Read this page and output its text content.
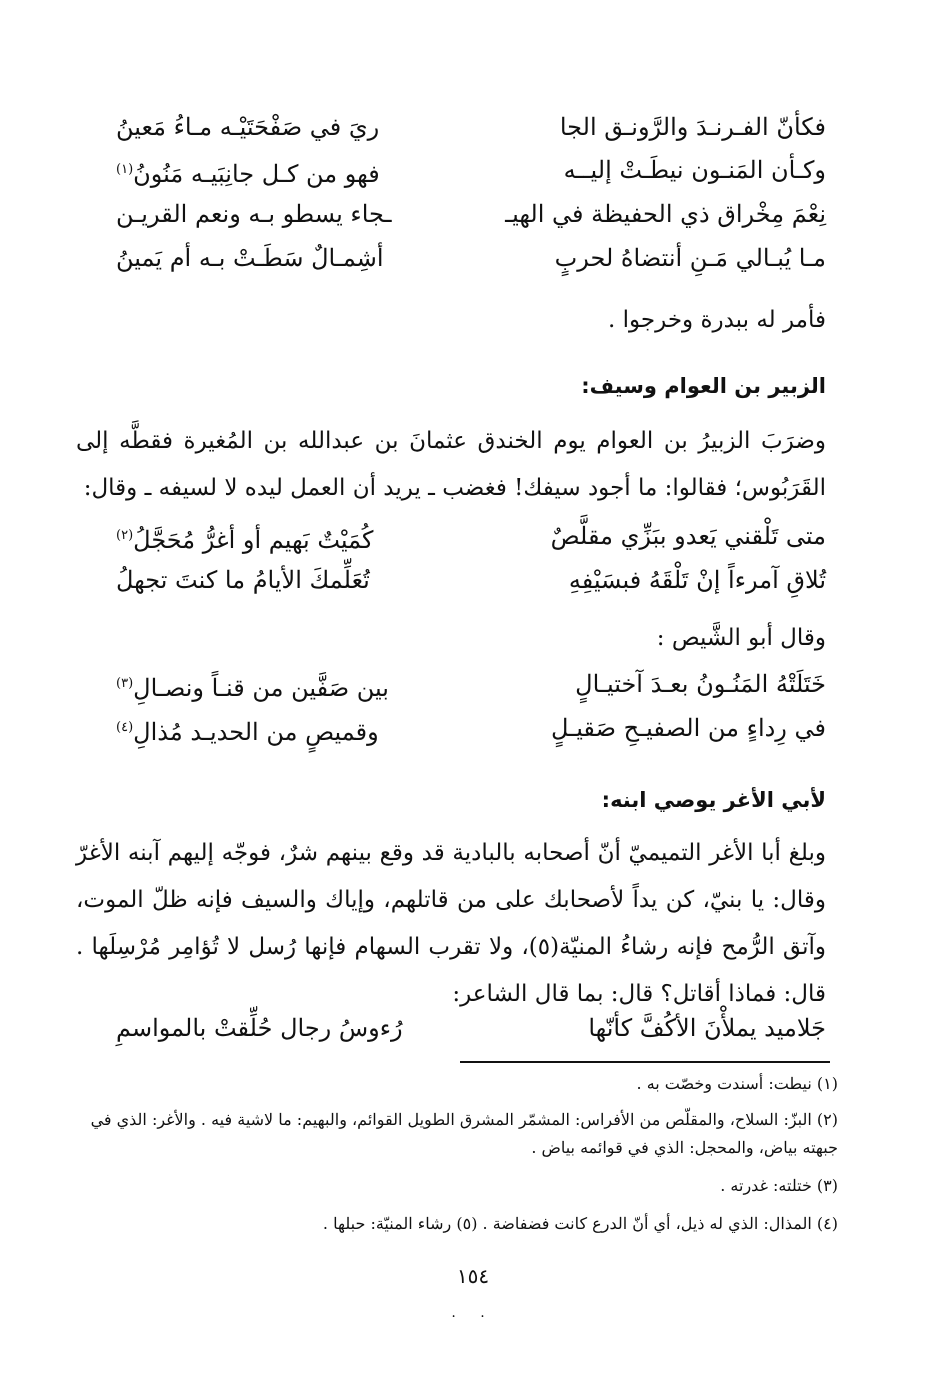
فكأنّ الفـرنـدَ والرَّونـق الجا
ريَ في صَفْحَتَيْـه مـاءُ مَعينُ
وكـأن المَنـون نيطَـتْ إليــه
فهو من كـل جانِبَيـه مَنُونُ$^{(١)}$
نِعْمَ مِخْراق ذي الحفيظة في الهيـ
ـجاء يسطو بـه ونعم القريـن
مـا يُبـالي مَـنِ أنتضاهُ لحربٍ
أشِمـالٌ سَطَـتْ بـه أم يَمينُ
فأمر له ببدرة وخرجوا .
الزبير بن العوام وسيف:
وضرَبَ الزبيرُ بن العوام يوم الخندق عثمانَ بن عبدالله بن المُغيرة فقطَّه إلى القَرَبُوس؛ فقالوا: ما أجود سيفك! فغضب ـ يريد أن العمل ليده لا لسيفه ـ وقال:
متى تَلْقني يَعدو ببَزِّي مقلَّصٌ
كُمَيْتٌ بَهيم أو أغرُّ مُحَجَّلُ$^{(٢)}$
تُلاقِ آمرءاً إنْ تَلْقَهُ فبسَيْفِهِ
تُعَلِّمكَ الأيامُ ما كنتَ تجهلُ
وقال أبو الشَّيص :
خَتَلَتْهُ المَنُـونُ بعـدَ آختيـالٍ
بين صَفَّين من قنـاً ونصـالِ$^{(٣)}$
في رِداءٍ من الصفيـحِ صَقيـلٍ
وقميصٍ من الحديـد مُذالِ$^{(٤)}$
لأبي الأغر يوصي ابنه:
وبلغ أبا الأغر التميميّ أنّ أصحابه بالبادية قد وقع بينهم شرٌ، فوجّه إليهم آبنه الأغرّ وقال: يا بنيّ، كن يداً لأصحابك على من قاتلهم، وإياك والسيف فإنه ظلّ الموت، وآتق الرُّمح فإنه رشاءُ المنيّة(٥)، ولا تقرب السهام فإنها رُسل لا تُؤامِر مُرْسِلَها . قال: فماذا أقاتل؟ قال: بما قال الشاعر:
جَلاميد يملأْنَ الأكُفَّ كأنّها
رُءوسُ رجال حُلِّقتْ بالمواسمِ
(١) نيطت: أسندت وخصّت به .
(٢) البزّ: السلاح، والمقلّص من الأفراس: المشمّر المشرق الطويل القوائم، والبهيم: ما لاشية فيه . والأغر: الذي في جبهته بياض، والمحجل: الذي في قوائمه بياض .
(٣) ختلته: غدرته .
(٤) المذال: الذي له ذيل، أي أنّ الدرع كانت فضفاضة . (٥) رشاء المنيّة: حبلها .
١٥٤
. .
